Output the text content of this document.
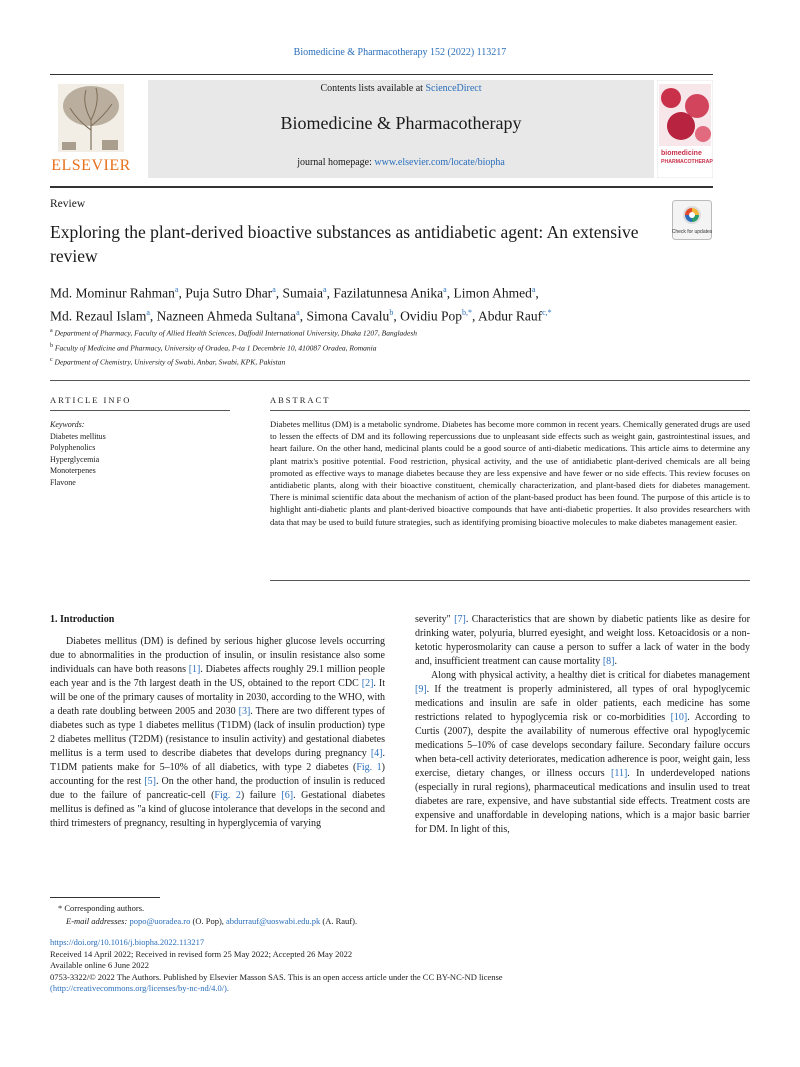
Biomedicine & Pharmacotherapy 152 (2022) 113217
ELSEVIER
Contents lists available at ScienceDirect
Biomedicine & Pharmacotherapy
journal homepage: www.elsevier.com/locate/biopha
biomedicine
PHARMACOTHERAPY
Review
Check for updates
Exploring the plant-derived bioactive substances as antidiabetic agent: An extensive review
Md. Mominur Rahman$^a$, Puja Sutro Dhar$^a$, Sumaia$^a$, Fazilatunnesa Anika$^a$, Limon Ahmed$^a$,
Md. Rezaul Islam$^a$, Nazneen Ahmeda Sultana$^a$, Simona Cavalu$^b$, Ovidiu Pop$^{b,*}$, Abdur Rauf$^{c,*}$
$^a$ Department of Pharmacy, Faculty of Allied Health Sciences, Daffodil International University, Dhaka 1207, Bangladesh
$^b$ Faculty of Medicine and Pharmacy, University of Oradea, P-ta 1 Decembrie 10, 410087 Oradea, Romania
$^c$ Department of Chemistry, University of Swabi, Anbar, Swabi, KPK, Pakistan
ARTICLE INFO
Keywords:
Diabetes mellitus
Polyphenolics
Hyperglycemia
Monoterpenes
Flavone
ABSTRACT
Diabetes mellitus (DM) is a metabolic syndrome. Diabetes has become more common in recent years. Chemically generated drugs are used to lessen the effects of DM and its following repercussions due to unpleasant side effects such as weight gain, gastrointestinal issues, and heart failure. On the other hand, medicinal plants could be a good source of anti-diabetic medications. This article aims to determine any plant matrix's positive potential. Food restriction, physical activity, and the use of antidiabetic plant-derived chemicals are all being promoted as effective ways to manage diabetes because they are less expensive and have fewer or no side effects. This review focuses on antidiabetic plants, along with their bioactive constituent, chemically characterization, and plant-based diets for diabetes management. There is minimal scientific data about the mechanism of action of the plant-based product has been found. The purpose of this article is to highlight anti-diabetic plants and plant-derived bioactive compounds that have anti-diabetic properties. It also provides researchers with data that may be used to build future strategies, such as identifying promising bioactive molecules to make diabetes management easier.
1. Introduction

Diabetes mellitus (DM) is defined by serious higher glucose levels occurring due to abnormalities in the production of insulin, or insulin resistance also some individuals can have both reasons [1]. Diabetes affects roughly 29.1 million people each year and is the 7th largest death in the US, obtained to the report CDC [2]. It will be one of the primary causes of mortality in 2030, according to the WHO, with a death rate doubling between 2005 and 2030 [3]. There are two different types of diabetes such as type 1 diabetes mellitus (T1DM) (lack of insulin production) type 2 diabetes mellitus (T2DM) (resistance to insulin activity) and gestational diabetes mellitus is a term used to describe diabetes that develops during pregnancy [4]. T1DM patients make for 5–10% of all diabetics, with type 2 diabetes (Fig. 1) accounting for the rest [5]. On the other hand, the production of insulin is reduced due to the failure of pancreatic-cell (Fig. 2) failure [6]. Gestational diabetes mellitus is defined as "a kind of glucose intolerance that develops in the second and third trimesters of pregnancy, resulting in hyperglycemia of varying

severity" [7]. Characteristics that are shown by diabetic patients like as desire for drinking water, polyuria, blurred eyesight, and weight loss. Ketoacidosis or a non-ketotic hyperosmolarity can cause a person to suffer a lack of water in the body and, insufficient treatment can cause mortality [8].

Along with physical activity, a healthy diet is critical for diabetes management [9]. If the treatment is properly administered, all types of oral hypoglycemic medications and insulin are safe in older patients, each medicine has some restrictions related to hypoglycemia risk or co-morbidities [10]. According to Curtis (2007), despite the availability of numerous effective oral hypoglycemic medications 5–10% of case develops secondary failure. Secondary failure occurs when beta-cell activity deteriorates, medication adherence is poor, weight gain, less exercise, dietary changes, or illness occurs [11]. In underdeveloped nations (especially in rural regions), pharmaceutical medications and insulin used to treat diabetes are rare, expensive, and have substantial side effects. Treatment costs are expensive and unaffordable in developing nations, which is a major basic barrier for DM. In light of this,

* Corresponding authors.
E-mail addresses: popo@uoradea.ro (O. Pop), abdurrauf@uoswabi.edu.pk (A. Rauf).
https://doi.org/10.1016/j.biopha.2022.113217
Received 14 April 2022; Received in revised form 25 May 2022; Accepted 26 May 2022
Available online 6 June 2022
0753-3322/© 2022 The Authors. Published by Elsevier Masson SAS. This is an open access article under the CC BY-NC-ND license
(http://creativecommons.org/licenses/by-nc-nd/4.0/).
